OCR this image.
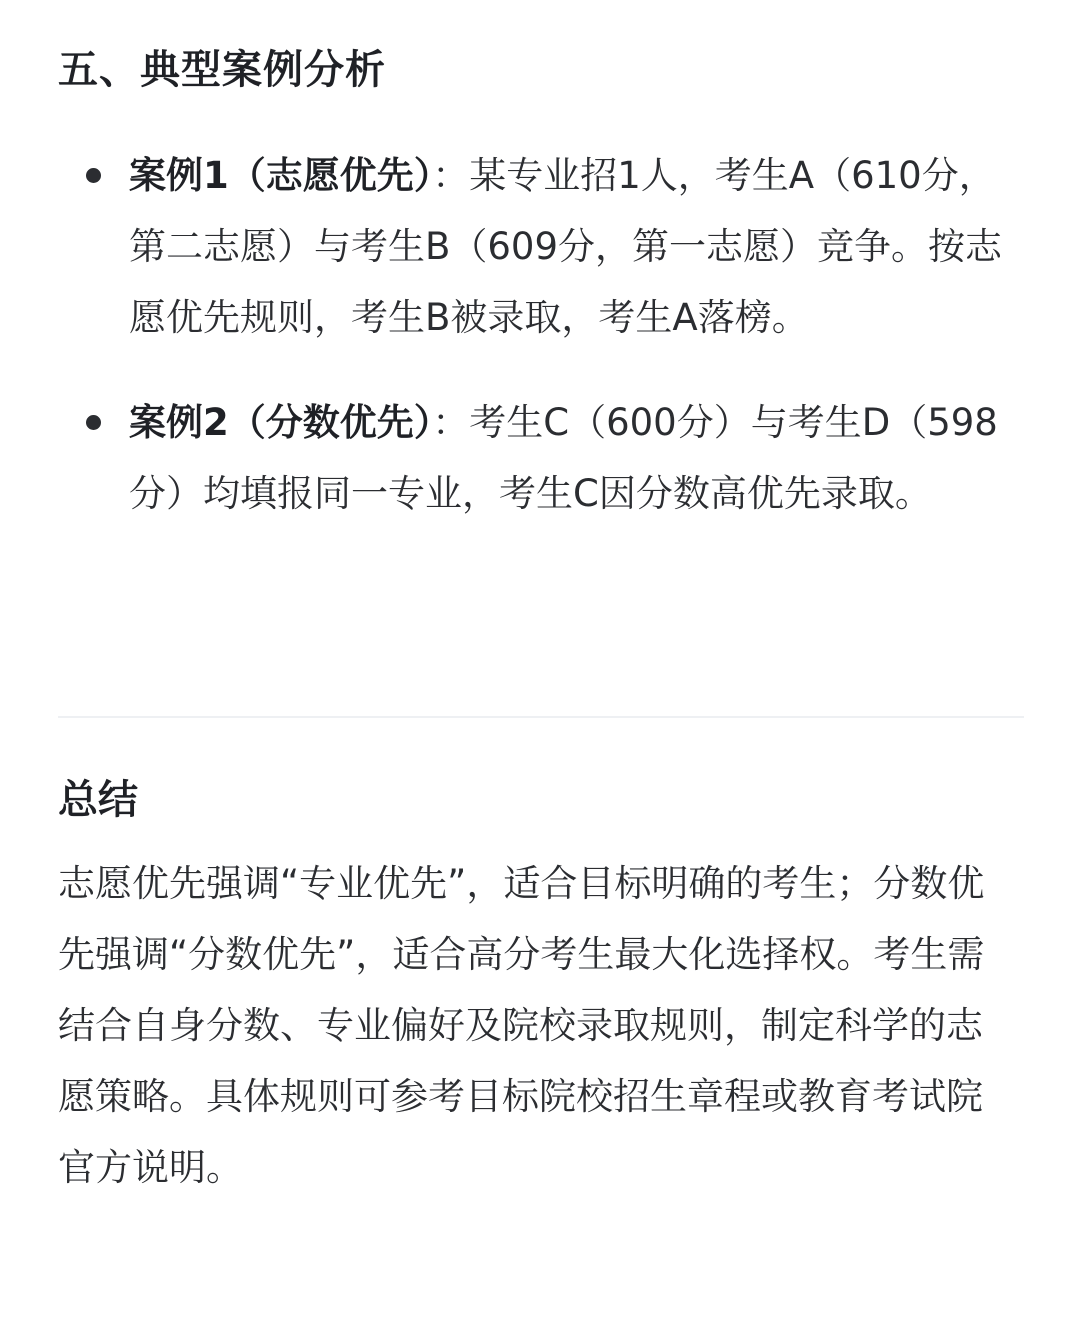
五、典型案例分析
案例1（志愿优先）：某专业招1人，考生A（610分，第二志愿）与考生B（609分，第一志愿）竞争。按志愿优先规则，考生B被录取，考生A落榜。
案例2（分数优先）：考生C（600分）与考生D（598分）均填报同一专业，考生C因分数高优先录取。
总结

志愿优先强调“专业优先”，适合目标明确的考生；分数优先强调“分数优先”，适合高分考生最大化选择权。考生需结合自身分数、专业偏好及院校录取规则，制定科学的志愿策略。具体规则可参考目标院校招生章程或教育考试院官方说明。
